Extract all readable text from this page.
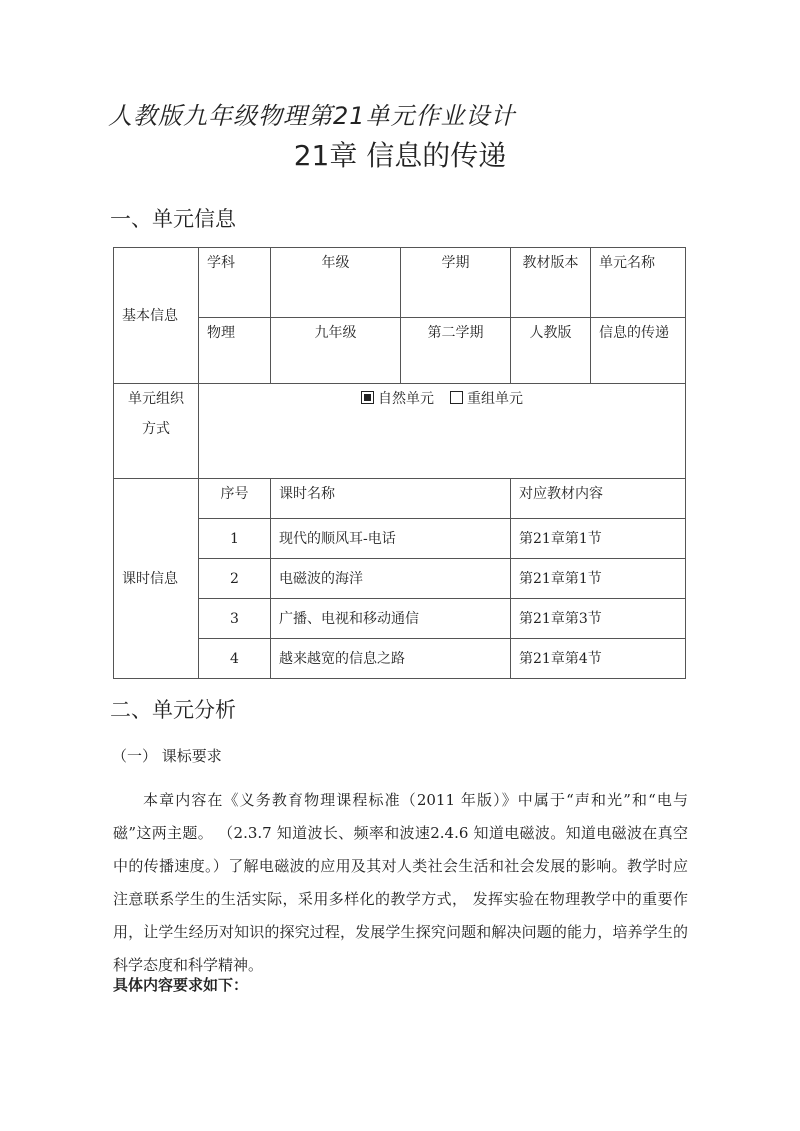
人教版九年级物理第21单元作业设计
21章 信息的传递
一、单元信息
基本信息	学科	年级	学期	教材版本	单元名称
	物理	九年级	第二学期	人教版	信息的传递
单元组织方式	自然单元 重组单元				
课时信息	序号	课时名称		对应教材内容	
	1	现代的顺风耳-电话		第21章第1节	
	2	电磁波的海洋		第21章第1节	
	3	广播、电视和移动通信		第21章第3节	
	4	越来越宽的信息之路		第21章第4节	
二、单元分析
（一） 课标要求

本章内容在《义务教育物理课程标准（2011 年版）》中属于“声和光”和“电与磁”这两主题。 （2.3.7 知道波长、频率和波速2.4.6 知道电磁波。知道电磁波在真空中的传播速度。）了解电磁波的应用及其对人类社会生活和社会发展的影响。教学时应注意联系学生的生活实际，采用多样化的教学方式， 发挥实验在物理教学中的重要作用，让学生经历对知识的探究过程，发展学生探究问题和解决问题的能力，培养学生的科学态度和科学精神。

具体内容要求如下：
